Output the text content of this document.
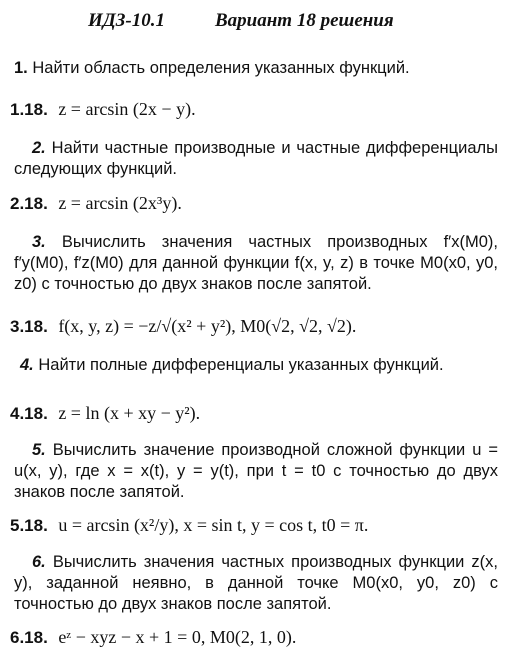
ИДЗ-10.1	Вариант 18 решения
1. Найти область определения указанных функций.
1.18. z = arcsin (2x − y).
2. Найти частные производные и частные дифференциалы следующих функций.
2.18. z = arcsin (2x³y).
3. Вычислить значения частных производных f′x(M0), f′y(M0), f′z(M0) для данной функции f(x, y, z) в точке M0(x0, y0, z0) с точностью до двух знаков после запятой.
3.18. f(x, y, z) = −z/√(x² + y²), M0(√2, √2, √2).
4. Найти полные дифференциалы указанных функций.
4.18. z = ln (x + xy − y²).
5. Вычислить значение производной сложной функции u = u(x, y), где x = x(t), y = y(t), при t = t0 с точностью до двух знаков после запятой.
5.18. u = arcsin (x²/y), x = sin t, y = cos t, t0 = π.
6. Вычислить значения частных производных функции z(x, y), заданной неявно, в данной точке M0(x0, y0, z0) с точностью до двух знаков после запятой.
6.18. eᶻ − xyz − x + 1 = 0, M0(2, 1, 0).
